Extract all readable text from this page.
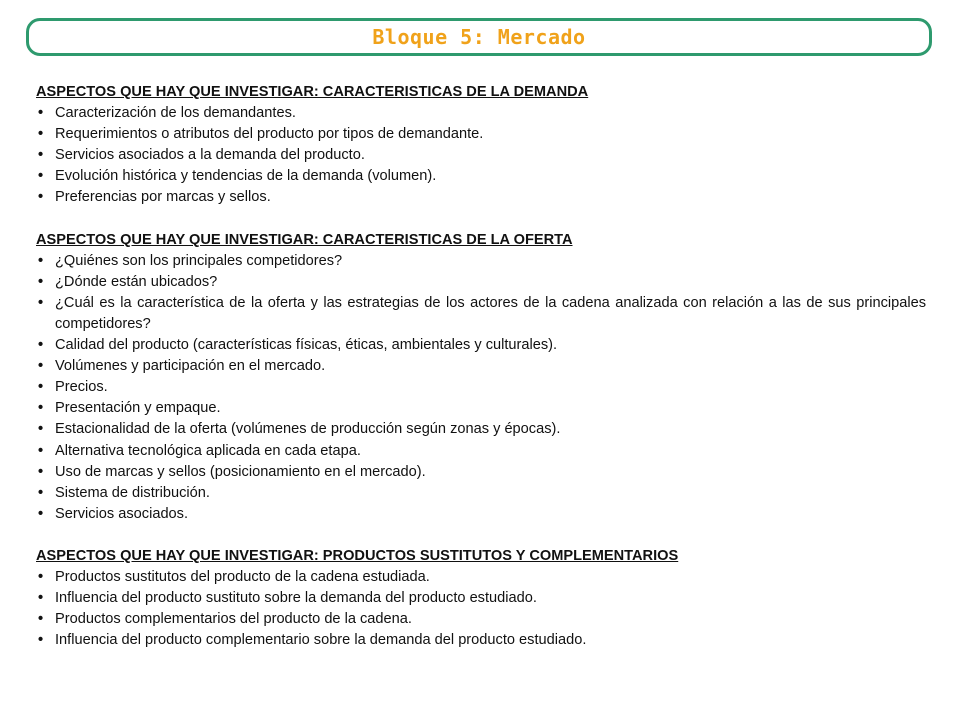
Bloque 5: Mercado
ASPECTOS QUE HAY QUE INVESTIGAR: CARACTERISTICAS DE LA DEMANDA
• Caracterización de los demandantes.
• Requerimientos o atributos del producto por tipos de demandante.
• Servicios asociados a la demanda del producto.
• Evolución histórica y tendencias de la demanda (volumen).
• Preferencias por marcas y sellos.
ASPECTOS QUE HAY QUE INVESTIGAR: CARACTERISTICAS DE LA OFERTA
• ¿Quiénes son los principales competidores?
• ¿Dónde están ubicados?
• ¿Cuál es la característica de la oferta y las estrategias de los actores de la cadena analizada con relación a las de sus principales competidores?
• Calidad del producto (características físicas, éticas, ambientales y culturales).
• Volúmenes y participación en el mercado.
• Precios.
• Presentación y empaque.
• Estacionalidad de la oferta (volúmenes de producción según zonas y épocas).
• Alternativa tecnológica aplicada en cada etapa.
• Uso de marcas y sellos (posicionamiento en el mercado).
• Sistema de distribución.
• Servicios asociados.
ASPECTOS QUE HAY QUE INVESTIGAR: PRODUCTOS SUSTITUTOS Y COMPLEMENTARIOS
• Productos sustitutos del producto de la cadena estudiada.
• Influencia del producto sustituto sobre la demanda del producto estudiado.
• Productos complementarios del producto de la cadena.
• Influencia del producto complementario sobre la demanda del producto estudiado.
